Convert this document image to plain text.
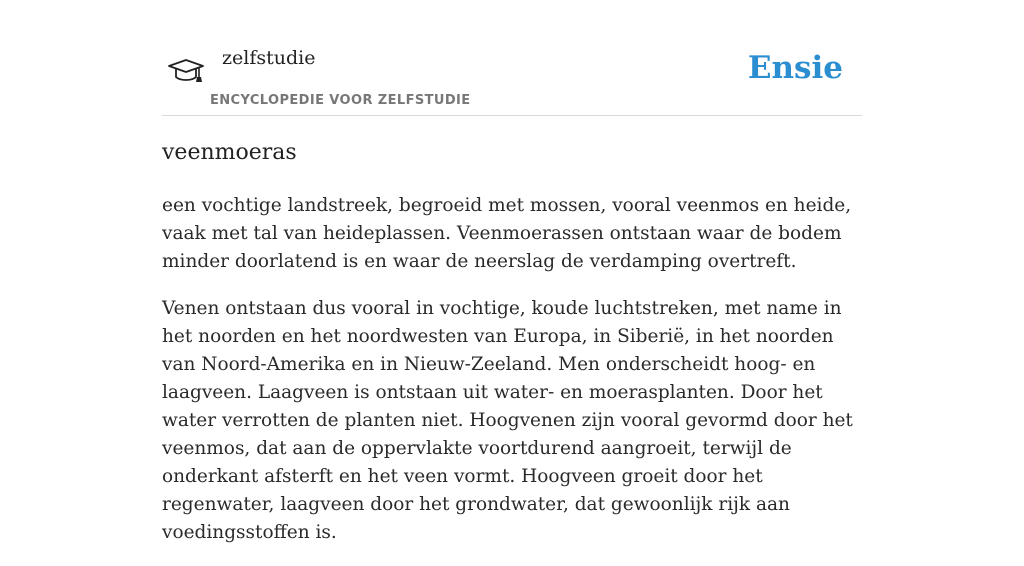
zelfstudie
ENCYCLOPEDIE VOOR ZELFSTUDIE
Ensie
veenmoeras

een vochtige landstreek, begroeid met mossen, vooral veenmos en heide, vaak met tal van heideplassen. Veenmoerassen ontstaan waar de bodem minder doorlatend is en waar de neerslag de verdamping overtreft.

Venen ontstaan dus vooral in vochtige, koude luchtstreken, met name in het noorden en het noordwesten van Europa, in Siberië, in het noorden van Noord-Amerika en in Nieuw-Zeeland. Men onderscheidt hoog- en laagveen. Laagveen is ontstaan uit water- en moerasplanten. Door het water verrotten de planten niet. Hoogvenen zijn vooral gevormd door het veenmos, dat aan de oppervlakte voortdurend aangroeit, terwijl de onderkant afsterft en het veen vormt. Hoogveen groeit door het regenwater, laagveen door het grondwater, dat gewoonlijk rijk aan voedingsstoffen is.
